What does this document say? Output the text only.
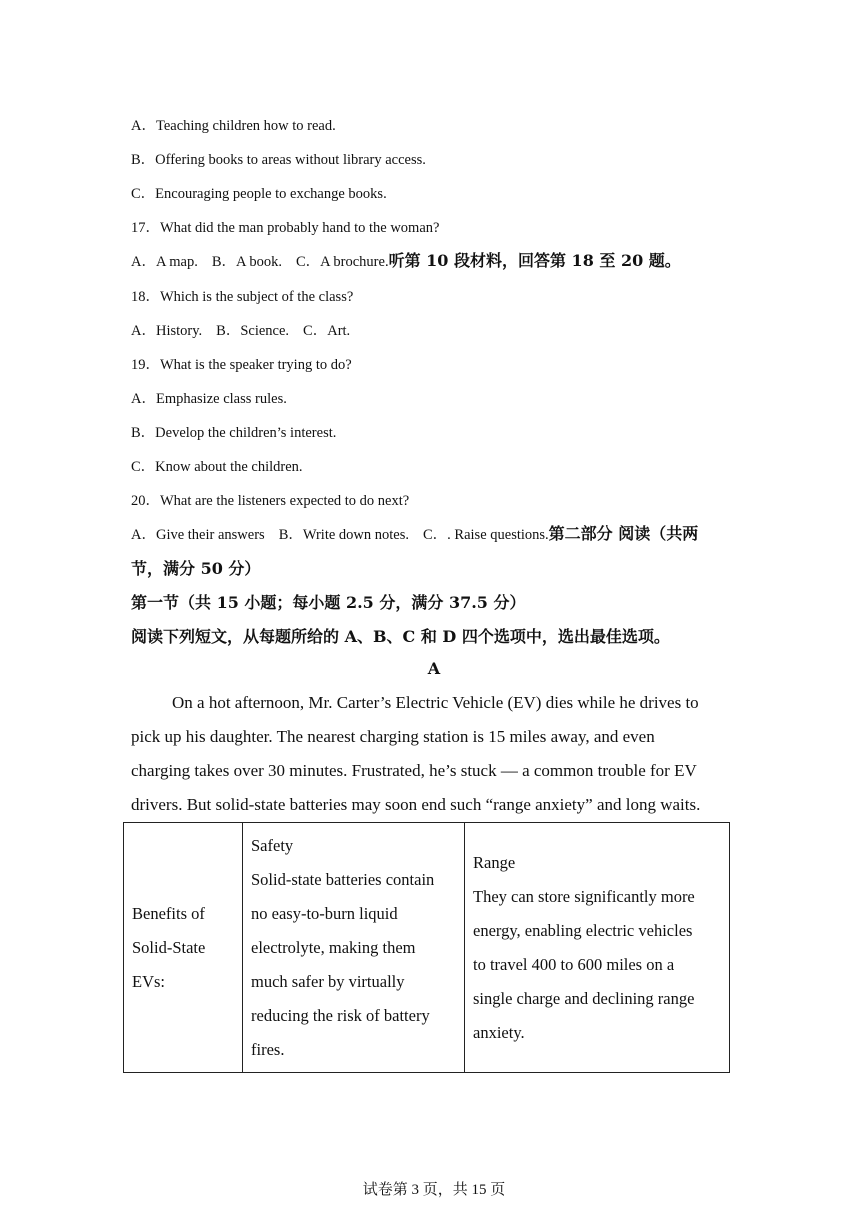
A．Teaching children how to read.
B．Offering books to areas without library access.
C．Encouraging people to exchange books.
17．What did the man probably hand to the woman?
A．A map. B．A book. C．A brochure.听第 10 段材料，回答第 18 至 20 题。
18．Which is the subject of the class?
A．History. B．Science. C．Art.
19．What is the speaker trying to do?
A．Emphasize class rules.
B．Develop the children’s interest.
C．Know about the children.
20．What are the listeners expected to do next?
A．Give their answers B．Write down notes. C．. Raise questions.第二部分 阅读（共两
节，满分 50 分）
第一节（共 15 小题；每小题 2.5 分，满分 37.5 分）
阅读下列短文，从每题所给的 A、B、C 和 D 四个选项中，选出最佳选项。
A
On a hot afternoon, Mr. Carter’s Electric Vehicle (EV) dies while he drives to
pick up his daughter. The nearest charging station is 15 miles away, and even
charging takes over 30 minutes. Frustrated, he’s stuck — a common trouble for EV
drivers. But solid-state batteries may soon end such “range anxiety” and long waits.
Benefits of
Solid-State
EVs:

Safety
Solid-state batteries contain
no easy-to-burn liquid
electrolyte, making them
much safer by virtually
reducing the risk of battery
fires.

Range
They can store significantly more
energy, enabling electric vehicles
to travel 400 to 600 miles on a
single charge and declining range
anxiety.
试卷第 3 页，共 15 页
